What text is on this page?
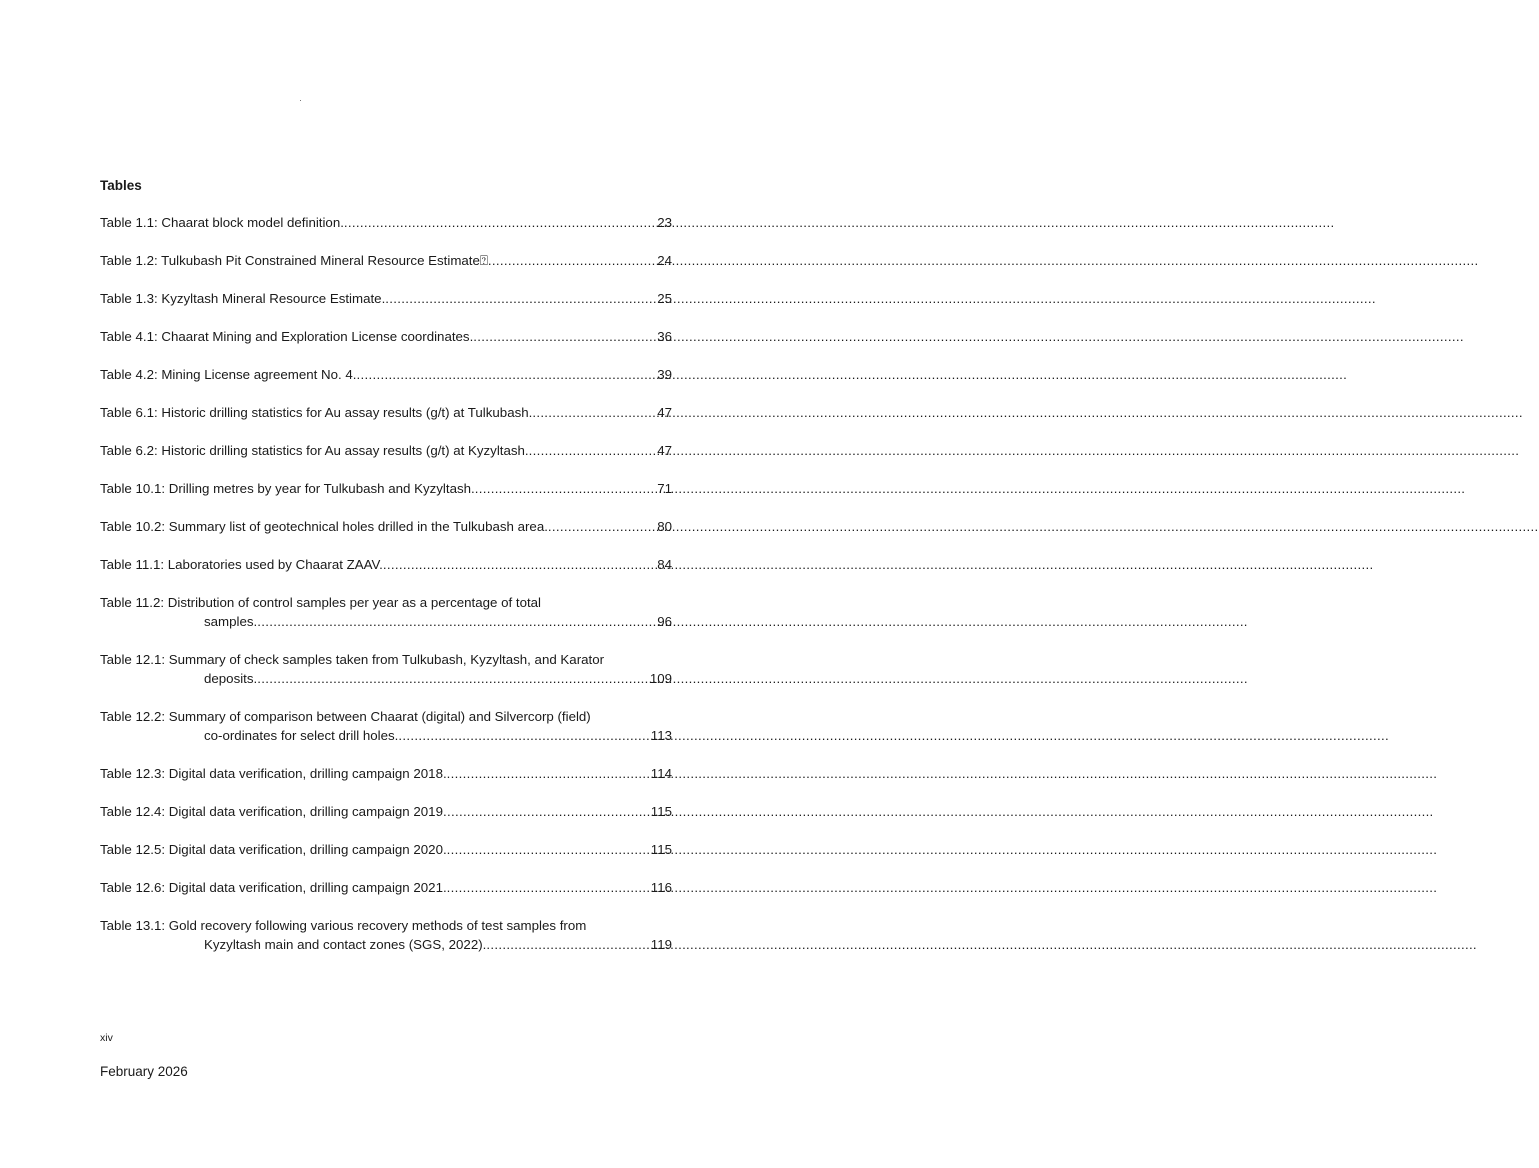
Tables
Table 1.1: Chaarat block model definition. .....	23
Table 1.2: Tulkubash Pit Constrained Mineral Resource Estimate⍰ .....	24
Table 1.3: Kyzyltash Mineral Resource Estimate. .....	25
Table 4.1: Chaarat Mining and Exploration License coordinates. .....	36
Table 4.2: Mining License agreement No. 4. .....	39
Table 6.1: Historic drilling statistics for Au assay results (g/t) at Tulkubash. .....	47
Table 6.2: Historic drilling statistics for Au assay results (g/t) at Kyzyltash. .....	47
Table 10.1: Drilling metres by year for Tulkubash and Kyzyltash. .....	71
Table 10.2: Summary list of geotechnical holes drilled in the Tulkubash area. .....	80
Table 11.1: Laboratories used by Chaarat ZAAV. .....	84
Table 11.2: Distribution of control samples per year as a percentage of total
samples. .....	96
Table 12.1: Summary of check samples taken from Tulkubash, Kyzyltash, and Karator
deposits. .....	109
Table 12.2: Summary of comparison between Chaarat (digital) and Silvercorp (field)
co-ordinates for select drill holes. .....	113
Table 12.3: Digital data verification, drilling campaign 2018. .....	114
Table 12.4: Digital data verification, drilling campaign 2019 .....	115
Table 12.5: Digital data verification, drilling campaign 2020. .....	115
Table 12.6: Digital data verification, drilling campaign 2021. .....	116
Table 13.1: Gold recovery following various recovery methods of test samples from
Kyzyltash main and contact zones (SGS, 2022). .....	119
xiv
February 2026
